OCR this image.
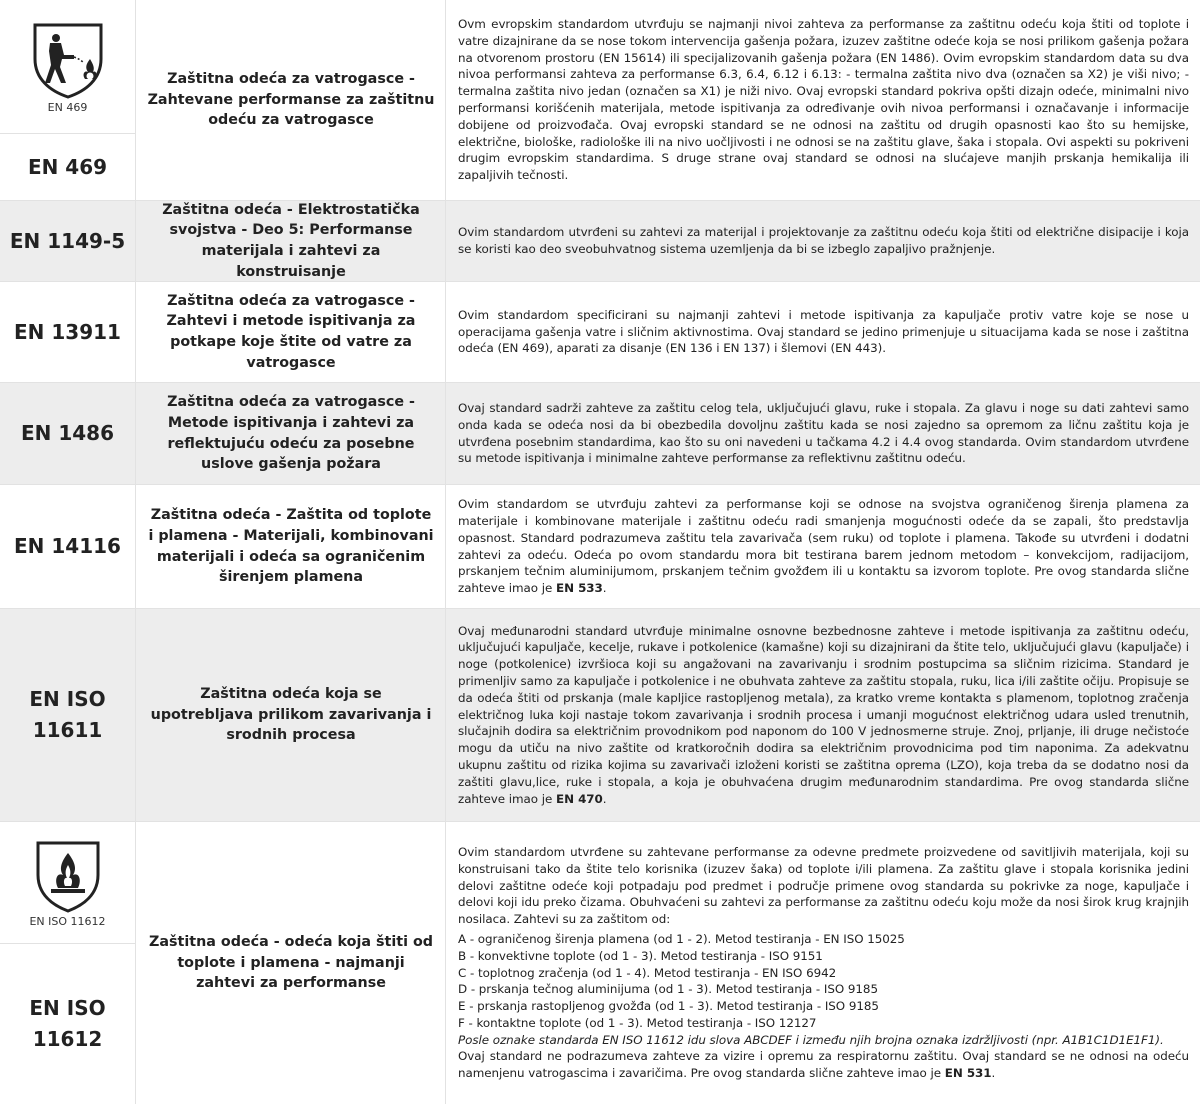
EN 469
EN 469
Zaštitna odeća za vatrogasce - Zahtevane performanse za zaštitnu odeću za vatrogasce

Ovm evropskim standardom utvrđuju se najmanji nivoi zahteva za performanse za zaštitnu odeću koja štiti od toplote i vatre dizajnirane da se nose tokom intervencija gašenja požara, izuzev zaštitne odeće koja se nosi prilikom gašenja požara na otvorenom prostoru (EN 15614) ili specijalizovanih gašenja požara (EN 1486). Ovim evropskim standardom data su dva nivoa performansi zahteva za performanse 6.3, 6.4, 6.12 i 6.13: - termalna zaštita nivo dva (označen sa X2) je viši nivo; - termalna zaštita nivo jedan (označen sa X1) je niži nivo. Ovaj evropski standard pokriva opšti dizajn odeće, minimalni nivo performansi korišćenih materijala, metode ispitivanja za određivanje ovih nivoa performansi i označavanje i informacije dobijene od proizvođača. Ovaj evropski standard se ne odnosi na zaštitu od drugih opasnosti kao što su hemijske, električne, biološke, radiološke ili na nivo uočljivosti i ne odnosi se na zaštitu glave, šaka i stopala. Ovi aspekti su pokriveni drugim evropskim standardima. S druge strane ovaj standard se odnosi na slućajeve manjih prskanja hemikalija ili zapaljivih tečnosti.

EN 1149-5
Zaštitna odeća - Elektrostatička svojstva - Deo 5: Performanse materijala i zahtevi za konstruisanje

Ovim standardom utvrđeni su zahtevi za materijal i projektovanje za zaštitnu odeću koja štiti od električne disipacije i koja se koristi kao deo sveobuhvatnog sistema uzemljenja da bi se izbeglo zapaljivo pražnjenje.

EN 13911
Zaštitna odeća za vatrogasce - Zahtevi i metode ispitivanja za potkape koje štite od vatre za vatrogasce

Ovim standardom specificirani su najmanji zahtevi i metode ispitivanja za kapuljače protiv vatre koje se nose u operacijama gašenja vatre i sličnim aktivnostima. Ovaj standard se jedino primenjuje u situacijama kada se nose i zaštitna odeća (EN 469), aparati za disanje (EN 136 i EN 137) i šlemovi (EN 443).

EN 1486
Zaštitna odeća za vatrogasce - Metode ispitivanja i zahtevi za reflektujuću odeću za posebne uslove gašenja požara

Ovaj standard sadrži zahteve za zaštitu celog tela, uključujući glavu, ruke i stopala. Za glavu i noge su dati zahtevi samo onda kada se odeća nosi da bi obezbedila dovoljnu zaštitu kada se nosi zajedno sa opremom za ličnu zaštitu koja je utvrđena posebnim standardima, kao što su oni navedeni u tačkama 4.2 i 4.4 ovog standarda. Ovim standardom utvrđene su metode ispitivanja i minimalne zahteve performanse za reflektivnu zaštitnu odeću.

EN 14116
Zaštitna odeća - Zaštita od toplote i plamena - Materijali, kombinovani materijali i odeća sa ograničenim širenjem plamena

Ovim standardom se utvrđuju zahtevi za performanse koji se odnose na svojstva ograničenog širenja plamena za materijale i kombinovane materijale i zaštitnu odeću radi smanjenja mogućnosti odeće da se zapali, što predstavlja opasnost. Standard podrazumeva zaštitu tela zavarivača (sem ruku) od toplote i plamena. Takođe su utvrđeni i dodatni zahtevi za odeću. Odeća po ovom standardu mora bit testirana barem jednom metodom – konvekcijom, radijacijom, prskanjem tečnim aluminijumom, prskanjem tečnim gvožđem ili u kontaktu sa izvorom toplote. Pre ovog standarda slične zahteve imao je EN 533.

EN ISO 11611
Zaštitna odeća koja se upotrebljava prilikom zavarivanja i srodnih procesa

Ovaj međunarodni standard utvrđuje minimalne osnovne bezbednosne zahteve i metode ispitivanja za zaštitnu odeću, uključujući kapuljače, kecelje, rukave i potkolenice (kamašne) koji su dizajnirani da štite telo, uključujući glavu (kapuljače) i noge (potkolenice) izvršioca koji su angažovani na zavarivanju i srodnim postupcima sa sličnim rizicima. Standard je primenljiv samo za kapuljače i potkolenice i ne obuhvata zahteve za zaštitu stopala, ruku, lica i/ili zaštite očiju. Propisuje se da odeća štiti od prskanja (male kapljice rastopljenog metala), za kratko vreme kontakta s plamenom, toplotnog zračenja električnog luka koji nastaje tokom zavarivanja i srodnih procesa i umanji mogućnost električnog udara usled trenutnih, slučajnih dodira sa električnim provodnikom pod naponom do 100 V jednosmerne struje. Znoj, prljanje, ili druge nečistoće mogu da utiču na nivo zaštite od kratkoročnih dodira sa električnim provodnicima pod tim naponima. Za adekvatnu ukupnu zaštitu od rizika kojima su zavarivači izloženi koristi se zaštitna oprema (LZO), koja treba da se dodatno nosi da zaštiti glavu,lice, ruke i stopala, a koja je obuhvaćena drugim međunarodnim standardima. Pre ovog standarda slične zahteve imao je EN 470.

EN ISO 11612
EN ISO 11612
Zaštitna odeća - odeća koja štiti od toplote i plamena - najmanji zahtevi za performanse

Ovim standardom utvrđene su zahtevane performanse za odevne predmete proizvedene od savitljivih materijala, koji su konstruisani tako da štite telo korisnika (izuzev šaka) od toplote i/ili plamena. Za zaštitu glave i stopala korisnika jedini delovi zaštitne odeće koji potpadaju pod predmet i područje primene ovog standarda su pokrivke za noge, kapuljače i delovi koji idu preko čizama. Obuhvaćeni su zahtevi za performanse za zaštitnu odeću koju može da nosi širok krug krajnjih nosilaca. Zahtevi su za zaštitom od:

A - ograničenog širenja plamena (od 1 - 2). Metod testiranja - EN ISO 15025
B - konvektivne toplote (od 1 - 3). Metod testiranja - ISO 9151
C - toplotnog zračenja (od 1 - 4). Metod testiranja - EN ISO 6942
D - prskanja tečnog aluminijuma (od 1 - 3). Metod testiranja - ISO 9185
E - prskanja rastopljenog gvožđa (od 1 - 3). Metod testiranja - ISO 9185
F - kontaktne toplote (od 1 - 3). Metod testiranja - ISO 12127

Posle oznake standarda EN ISO 11612 idu slova ABCDEF i između njih brojna oznaka izdržljivosti (npr. A1B1C1D1E1F1).

Ovaj standard ne podrazumeva zahteve za vizire i opremu za respiratornu zaštitu. Ovaj standard se ne odnosi na odeću namenjenu vatrogascima i zavaričima. Pre ovog standarda slične zahteve imao je EN 531.
